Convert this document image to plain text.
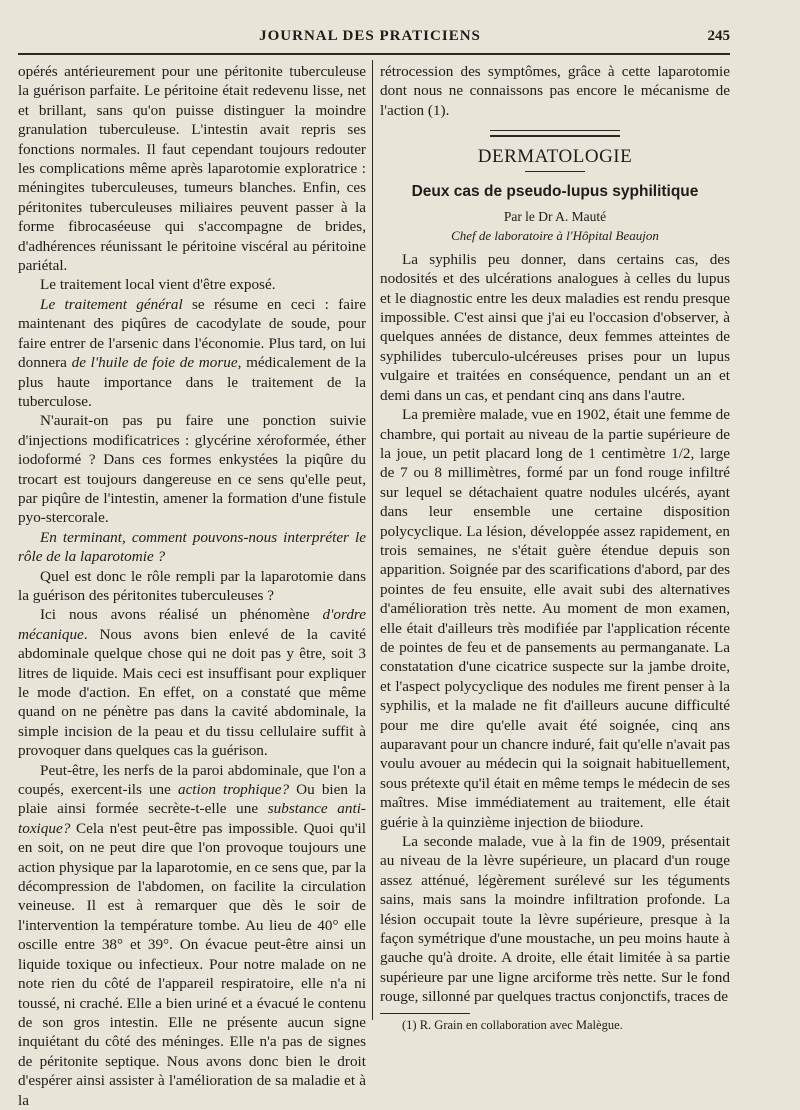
JOURNAL DES PRATICIENS	245

opérés antérieurement pour une péritonite tuberculeuse la guérison parfaite. Le péritoine était redevenu lisse, net et brillant, sans qu'on puisse distinguer la moindre granulation tuberculeuse. L'intestin avait repris ses fonctions normales. Il faut cependant toujours redouter les complications même après laparotomie exploratrice : méningites tuberculeuses, tumeurs blanches. Enfin, ces péritonites tuberculeuses miliaires peuvent passer à la forme fibrocaséeuse qui s'accompagne de brides, d'adhérences réunissant le péritoine viscéral au péritoine pariétal.

Le traitement local vient d'être exposé.

Le traitement général se résume en ceci : faire maintenant des piqûres de cacodylate de soude, pour faire entrer de l'arsenic dans l'économie. Plus tard, on lui donnera de l'huile de foie de morue, médicalement de la plus haute importance dans le traitement de la tuberculose.

N'aurait-on pas pu faire une ponction suivie d'injections modificatrices : glycérine xéroformée, éther iodoformé ? Dans ces formes enkystées la piqûre du trocart est toujours dangereuse en ce sens qu'elle peut, par piqûre de l'intestin, amener la formation d'une fistule pyo-stercorale.

En terminant, comment pouvons-nous interpréter le rôle de la laparotomie ?

Quel est donc le rôle rempli par la laparotomie dans la guérison des péritonites tuberculeuses ?

Ici nous avons réalisé un phénomène d'ordre mécanique. Nous avons bien enlevé de la cavité abdominale quelque chose qui ne doit pas y être, soit 3 litres de liquide. Mais ceci est insuffisant pour expliquer le mode d'action. En effet, on a constaté que même quand on ne pénètre pas dans la cavité abdominale, la simple incision de la peau et du tissu cellulaire suffit à provoquer dans quelques cas la guérison.

Peut-être, les nerfs de la paroi abdominale, que l'on a coupés, exercent-ils une action trophique? Ou bien la plaie ainsi formée secrète-t-elle une substance anti-toxique? Cela n'est peut-être pas impossible. Quoi qu'il en soit, on ne peut dire que l'on provoque toujours une action physique par la laparotomie, en ce sens que, par la décompression de l'abdomen, on facilite la circulation veineuse. Il est à remarquer que dès le soir de l'intervention la température tombe. Au lieu de 40° elle oscille entre 38° et 39°. On évacue peut-être ainsi un liquide toxique ou infectieux. Pour notre malade on ne note rien du côté de l'appareil respiratoire, elle n'a ni toussé, ni craché. Elle a bien uriné et a évacué le contenu de son gros intestin. Elle ne présente aucun signe inquiétant du côté des méninges. Elle n'a pas de signes de péritonite septique. Nous avons donc bien le droit d'espérer ainsi assister à l'amélioration de sa maladie et à la

rétrocession des symptômes, grâce à cette laparotomie dont nous ne connaissons pas encore le mécanisme de l'action (1).

DERMATOLOGIE
Deux cas de pseudo-lupus syphilitique
Par le Dr A. Mauté
Chef de laboratoire à l'Hôpital Beaujon

La syphilis peu donner, dans certains cas, des nodosités et des ulcérations analogues à celles du lupus et le diagnostic entre les deux maladies est rendu presque impossible. C'est ainsi que j'ai eu l'occasion d'observer, à quelques années de distance, deux femmes atteintes de syphilides tuberculo-ulcéreuses prises pour un lupus vulgaire et traitées en conséquence, pendant un an et demi dans un cas, et pendant cinq ans dans l'autre.

La première malade, vue en 1902, était une femme de chambre, qui portait au niveau de la partie supérieure de la joue, un petit placard long de 1 centimètre 1/2, large de 7 ou 8 millimètres, formé par un fond rouge infiltré sur lequel se détachaient quatre nodules ulcérés, ayant dans leur ensemble une certaine disposition polycyclique. La lésion, développée assez rapidement, en trois semaines, ne s'était guère étendue depuis son apparition. Soignée par des scarifications d'abord, par des pointes de feu ensuite, elle avait subi des alternatives d'amélioration très nette. Au moment de mon examen, elle était d'ailleurs très modifiée par l'application récente de pointes de feu et de pansements au permanganate. La constatation d'une cicatrice suspecte sur la jambe droite, et l'aspect polycyclique des nodules me firent penser à la syphilis, et la malade ne fit d'ailleurs aucune difficulté pour me dire qu'elle avait été soignée, cinq ans auparavant pour un chancre induré, fait qu'elle n'avait pas voulu avouer au médecin qui la soignait habituellement, sous prétexte qu'il était en même temps le médecin de ses maîtres. Mise immédiatement au traitement, elle était guérie à la quinzième injection de biiodure.

La seconde malade, vue à la fin de 1909, présentait au niveau de la lèvre supérieure, un placard d'un rouge assez atténué, légèrement surélevé sur les téguments sains, mais sans la moindre infiltration profonde. La lésion occupait toute la lèvre supérieure, presque à la façon symétrique d'une moustache, un peu moins haute à gauche qu'à droite. A droite, elle était limitée à sa partie supérieure par une ligne arciforme très nette. Sur le fond rouge, sillonné par quelques tractus conjonctifs, traces de

(1) R. Grain en collaboration avec Malègue.
